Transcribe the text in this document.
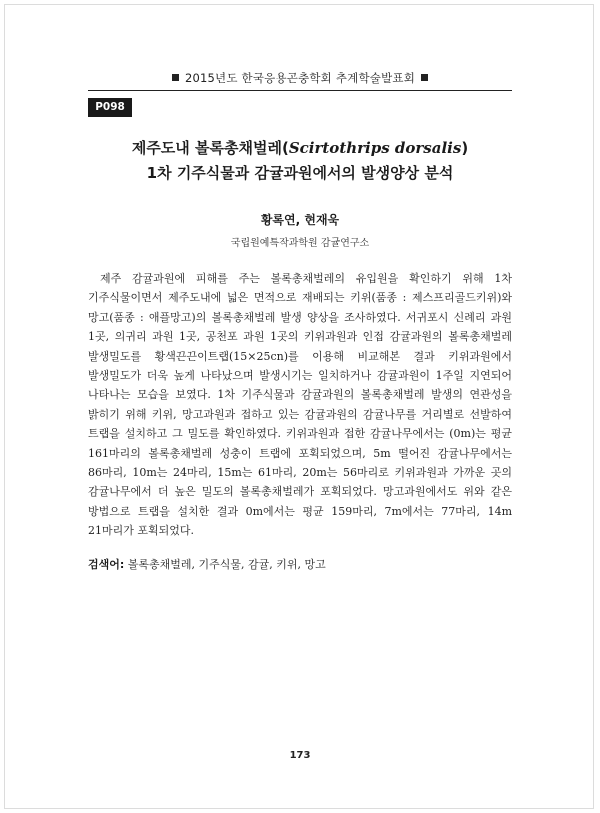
2015년도 한국응용곤충학회 추계학술발표회
P098
제주도내 볼록총채벌레(Scirtothrips dorsalis)
1차 기주식물과 감귤과원에서의 발생양상 분석
황록연, 현재욱
국립원예특작과학원 감귤연구소

제주 감귤과원에 피해를 주는 볼록총채벌레의 유입원을 확인하기 위해 1차 기주식물이면서 제주도내에 넓은 면적으로 재배되는 키위(품종 : 제스프리골드키위)와 망고(품종 : 애플망고)의 볼록총채벌레 발생 양상을 조사하였다. 서귀포시 신례리 과원 1곳, 의귀리 과원 1곳, 공천포 과원 1곳의 키위과원과 인접 감귤과원의 볼록총채벌레 발생밀도를 황색끈끈이트랩(15×25cn)를 이용해 비교해본 결과 키위과원에서 발생밀도가 더욱 높게 나타났으며 발생시기는 일치하거나 감귤과원이 1주일 지연되어 나타나는 모습을 보였다. 1차 기주식물과 감귤과원의 볼록총채벌레 발생의 연관성을 밝히기 위해 키위, 망고과원과 접하고 있는 감귤과원의 감귤나무를 거리별로 선발하여 트랩을 설치하고 그 밀도를 확인하였다. 키위과원과 접한 감귤나무에서는 (0m)는 평균 161마리의 볼록총채벌레 성충이 트랩에 포획되었으며, 5m 떨어진 감귤나무에서는 86마리, 10m는 24마리, 15m는 61마리, 20m는 56마리로 키위과원과 가까운 곳의 감귤나무에서 더 높은 밀도의 볼록총채벌레가 포획되었다. 망고과원에서도 위와 같은 방법으로 트랩을 설치한 결과 0m에서는 평균 159마리, 7m에서는 77마리, 14m 21마리가 포획되었다.

검색어: 볼록총채벌레, 기주식물, 감귤, 키위, 망고
173
